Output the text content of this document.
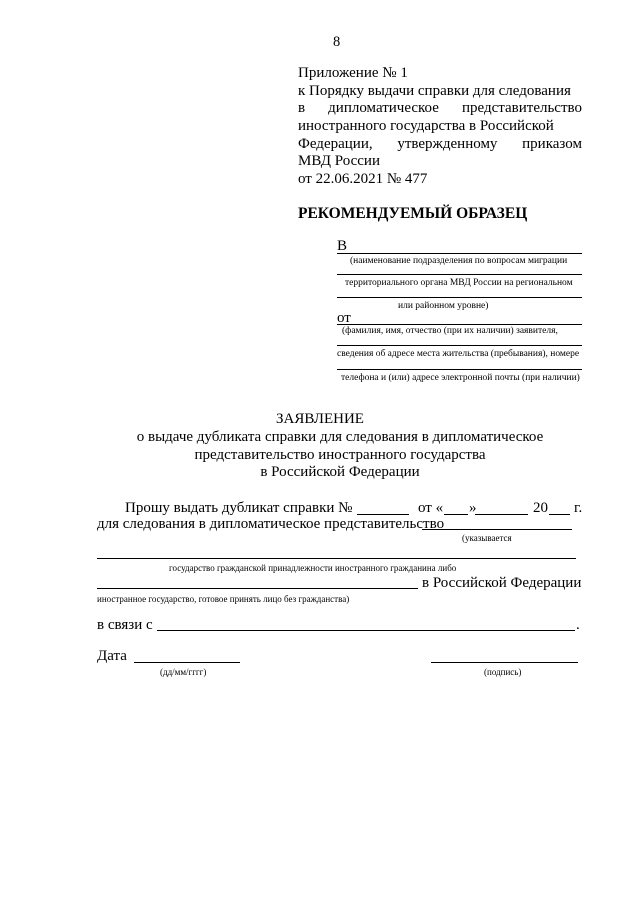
8
Приложение № 1
к Порядку выдачи справки для следования
в дипломатическое представительство
иностранного государства в Российской
Федерации, утвержденному приказом
МВД России
от 22.06.2021 № 477
РЕКОМЕНДУЕМЫЙ ОБРАЗЕЦ
В
(наименование подразделения по вопросам миграции
территориального органа МВД России на региональном
или районном уровне)
от
(фамилия, имя, отчество (при их наличии) заявителя,
сведения об адресе места жительства (пребывания), номере
телефона и (или) адресе электронной почты (при наличии)
ЗАЯВЛЕНИЕ
о выдаче дубликата справки для следования в дипломатическое
представительство иностранного государства
в Российской Федерации
Прошу выдать дубликат справки №	от « »	20 г.
для следования в дипломатическое представительство
(указывается
государство гражданской принадлежности иностранного гражданина либо
в Российской Федерации
иностранное государство, готовое принять лицо без гражданства)
в связи с	.
Дата
(дд/мм/гггг)	(подпись)
